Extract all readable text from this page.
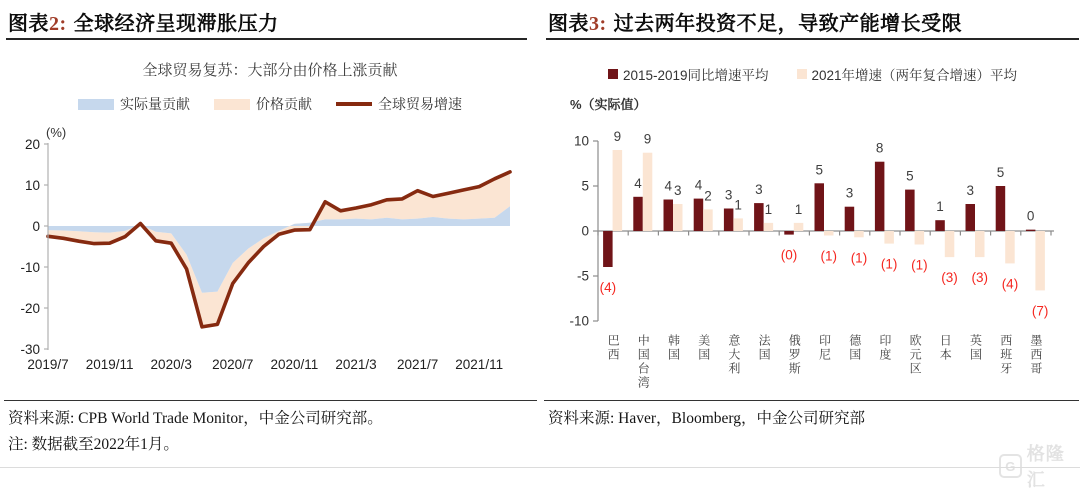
20
10
0
-10
-20
-30
2019/7 2019/11 2020/3 2020/7 2020/11 2021/3 2021/7 2021/11
10
5
0
-5
-10
(4)
9
4
9
4 3 4
2 3
1
3
1
(0)
1
5
(1)
3
(1)
8
(1)
5
(1)
1
(3)
3
(3)
5
(4)
0
(7)
图表2: 全球经济呈现滞胀压力	图表3: 过去两年投资不足，导致产能增长受限
全球贸易复苏：大部分由价格上涨贡献
实际量贡献	价格贡献	全球贸易增速
(%)
2015-2019同比增速平均	2021年增速（两年复合增速）平均
%（实际值）
巴西 中国台湾 韩国 美国 意大利 法国 俄罗斯 印尼 德国 印度 欧元区 日本 英国 西班牙 墨西哥
资料来源: CPB World Trade Monitor，中金公司研究部。
注: 数据截至2022年1月。
资料来源: Haver，Bloomberg，中金公司研究部
G
格隆汇
